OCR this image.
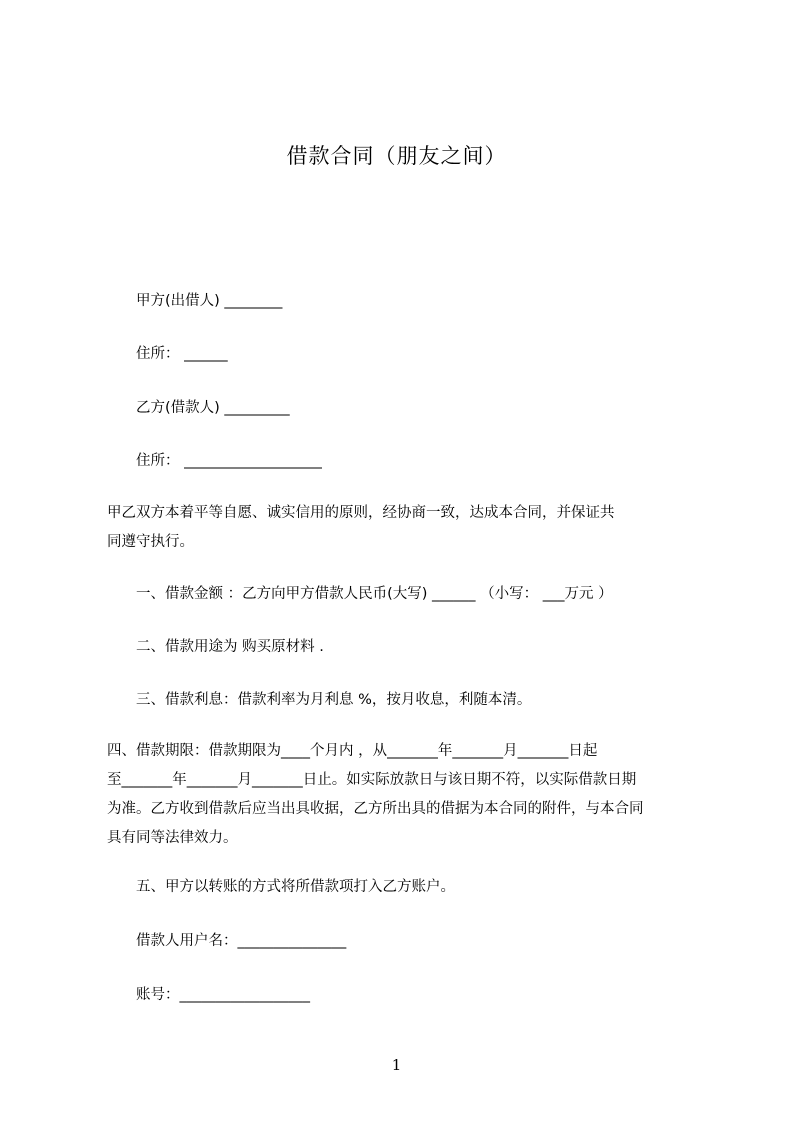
借款合同（朋友之间）
甲方(出借人) ________
住所： ______
乙方(借款人) _________
住所： ___________________
甲乙双方本着平等自愿、诚实信用的原则，经协商一致，达成本合同，并保证共
同遵守执行。
一、借款金额 ：乙方向甲方借款人民币(大写) ______ （小写： ___万元 ）
二、借款用途为 购买原材料 .
三、借款利息：借款利率为月利息 %，按月收息，利随本清。
四、借款期限：借款期限为____个月内 ，从_______年_______月_______日起
至_______年_______月_______日止。如实际放款日与该日期不符，以实际借款日期
为准。乙方收到借款后应当出具收据，乙方所出具的借据为本合同的附件，与本合同
具有同等法律效力。
五、甲方以转账的方式将所借款项打入乙方账户。
借款人用户名：_______________
账号：__________________
1
